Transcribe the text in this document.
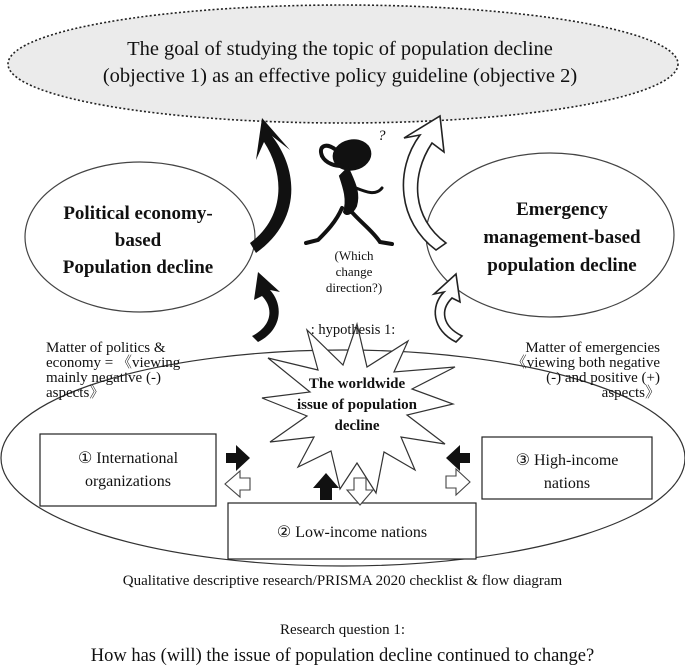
?
The goal of studying the topic of population decline
(objective 1) as an effective policy guideline (objective 2)
Political economy-
based
Population decline
Emergency
management-based
population decline
(Which
change
direction?)
: hypothesis 1:
The worldwide
issue of population
decline
Matter of politics &
economy = 《viewing
mainly negative (-)
aspects》
Matter of emergencies
《viewing both negative
(-) and positive (+)
aspects》
① International
organizations
③ High-income
nations
② Low-income nations
Qualitative descriptive research/PRISMA 2020 checklist & flow diagram
Research question 1:
How has (will) the issue of population decline continued to change?
